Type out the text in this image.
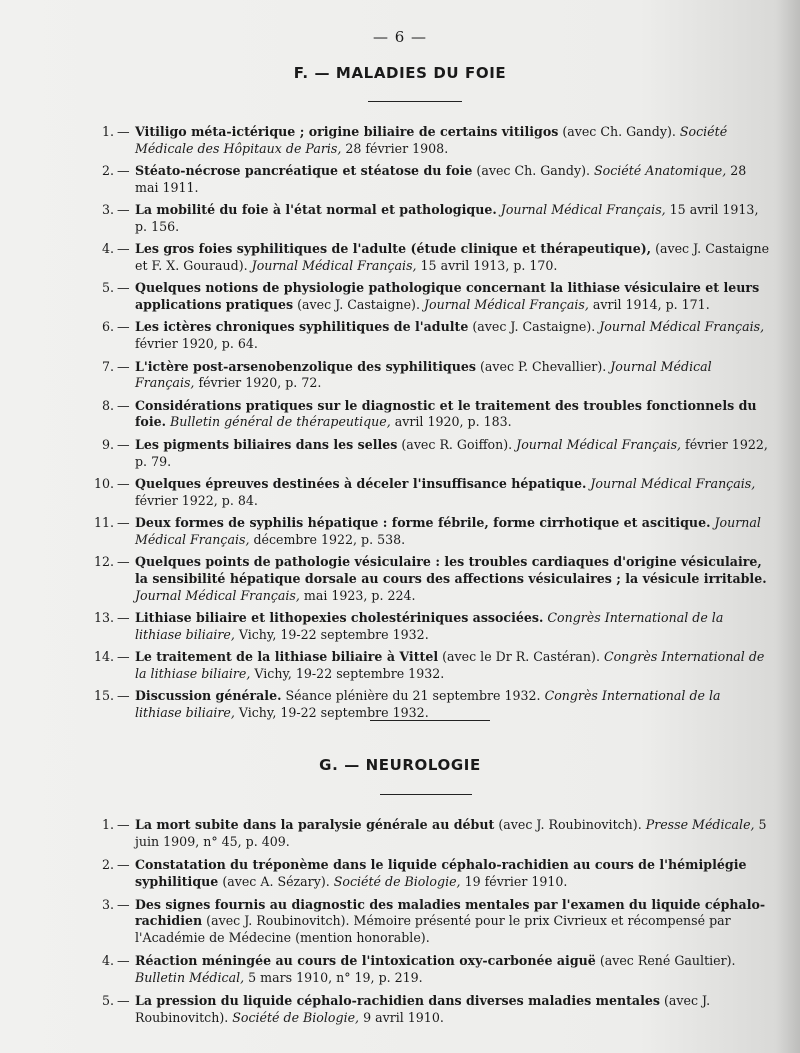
— 6 —
F. — MALADIES DU FOIE
1. — Vitiligo méta-ictérique ; origine biliaire de certains vitiligos (avec Ch. Gandy). Société Médicale des Hôpitaux de Paris, 28 février 1908.
2. — Stéato-nécrose pancréatique et stéatose du foie (avec Ch. Gandy). Société Anatomique, 28 mai 1911.
3. — La mobilité du foie à l'état normal et pathologique. Journal Médical Français, 15 avril 1913, p. 156.
4. — Les gros foies syphilitiques de l'adulte (étude clinique et thérapeutique), (avec J. Castaigne et F. X. Gouraud). Journal Médical Français, 15 avril 1913, p. 170.
5. — Quelques notions de physiologie pathologique concernant la lithiase vésiculaire et leurs applications pratiques (avec J. Castaigne). Journal Médical Français, avril 1914, p. 171.
6. — Les ictères chroniques syphilitiques de l'adulte (avec J. Castaigne). Journal Médical Français, février 1920, p. 64.
7. — L'ictère post-arsenobenzolique des syphilitiques (avec P. Chevallier). Journal Médical Français, février 1920, p. 72.
8. — Considérations pratiques sur le diagnostic et le traitement des troubles fonctionnels du foie. Bulletin général de thérapeutique, avril 1920, p. 183.
9. — Les pigments biliaires dans les selles (avec R. Goiffon). Journal Médical Français, février 1922, p. 79.
10. — Quelques épreuves destinées à déceler l'insuffisance hépatique. Journal Médical Français, février 1922, p. 84.
11. — Deux formes de syphilis hépatique : forme fébrile, forme cirrhotique et ascitique. Journal Médical Français, décembre 1922, p. 538.
12. — Quelques points de pathologie vésiculaire : les troubles cardiaques d'origine vésiculaire, la sensibilité hépatique dorsale au cours des affections vésiculaires ; la vésicule irritable. Journal Médical Français, mai 1923, p. 224.
13. — Lithiase biliaire et lithopexies cholestériniques associées. Congrès International de la lithiase biliaire, Vichy, 19-22 septembre 1932.
14. — Le traitement de la lithiase biliaire à Vittel (avec le Dr R. Castéran). Congrès International de la lithiase biliaire, Vichy, 19-22 septembre 1932.
15. — Discussion générale. Séance plénière du 21 septembre 1932. Congrès International de la lithiase biliaire, Vichy, 19-22 septembre 1932.
G. — NEUROLOGIE
1. — La mort subite dans la paralysie générale au début (avec J. Roubinovitch). Presse Médicale, 5 juin 1909, n° 45, p. 409.
2. — Constatation du tréponème dans le liquide céphalo-rachidien au cours de l'hémiplégie syphilitique (avec A. Sézary). Société de Biologie, 19 février 1910.
3. — Des signes fournis au diagnostic des maladies mentales par l'examen du liquide céphalo-rachidien (avec J. Roubinovitch). Mémoire présenté pour le prix Civrieux et récompensé par l'Académie de Médecine (mention honorable).
4. — Réaction méningée au cours de l'intoxication oxy-carbonée aiguë (avec René Gaultier). Bulletin Médical, 5 mars 1910, n° 19, p. 219.
5. — La pression du liquide céphalo-rachidien dans diverses maladies mentales (avec J. Roubinovitch). Société de Biologie, 9 avril 1910.
